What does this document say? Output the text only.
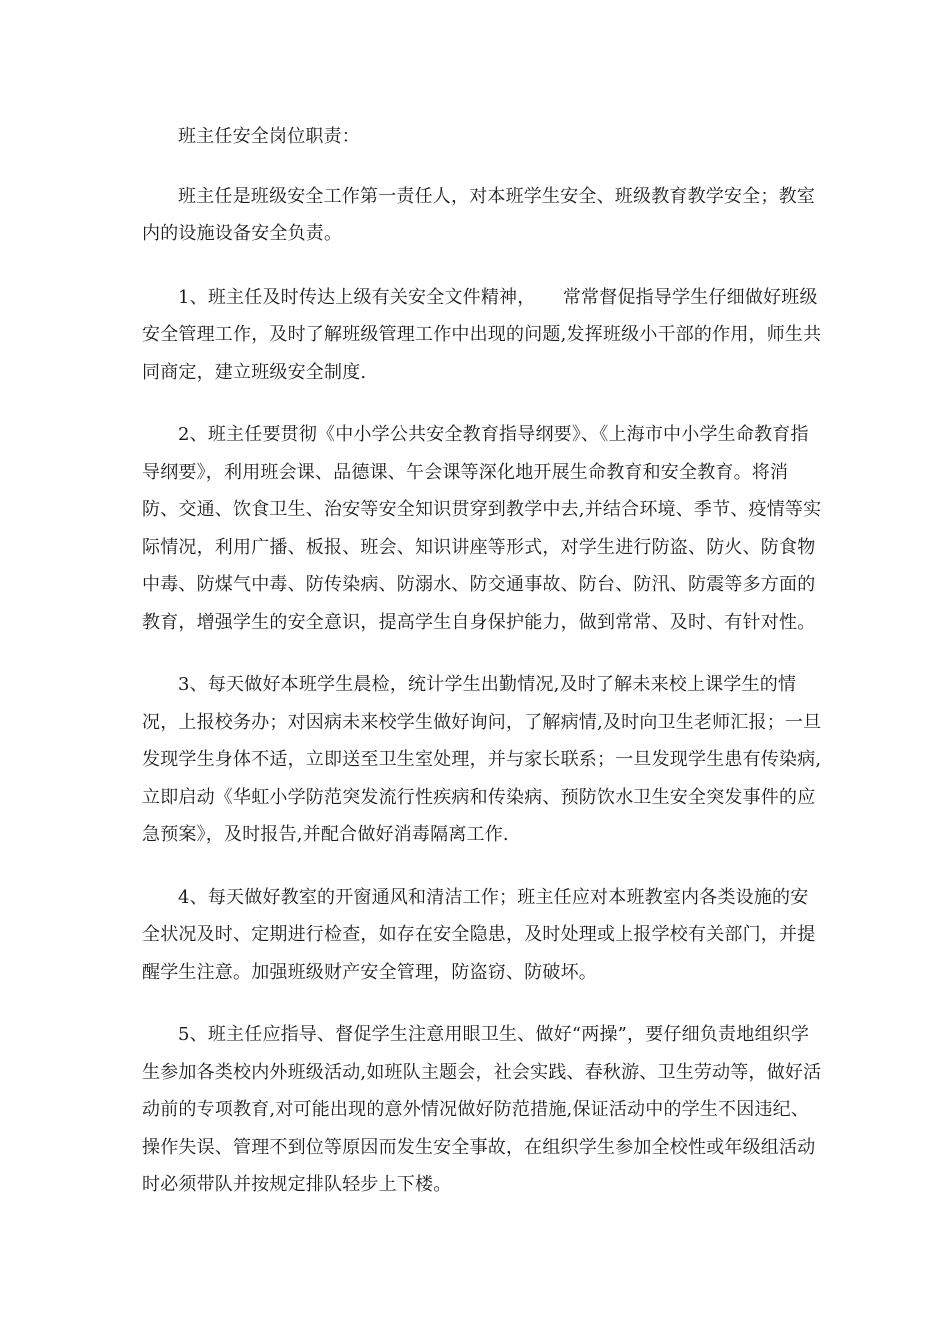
班主任安全岗位职责：

班主任是班级安全工作第一责任人，对本班学生安全、班级教育教学安全；教室内的设施设备安全负责。

1、班主任及时传达上级有关安全文件精神，　　常常督促指导学生仔细做好班级安全管理工作，及时了解班级管理工作中出现的问题,发挥班级小干部的作用，师生共同商定，建立班级安全制度.

2、班主任要贯彻《中小学公共安全教育指导纲要》、《上海市中小学生命教育指导纲要》，利用班会课、品德课、午会课等深化地开展生命教育和安全教育。将消防、交通、饮食卫生、治安等安全知识贯穿到教学中去,并结合环境、季节、疫情等实际情况，利用广播、板报、班会、知识讲座等形式，对学生进行防盗、防火、防食物中毒、防煤气中毒、防传染病、防溺水、防交通事故、防台、防汛、防震等多方面的教育，增强学生的安全意识，提高学生自身保护能力，做到常常、及时、有针对性。

3、每天做好本班学生晨检，统计学生出勤情况,及时了解未来校上课学生的情况，上报校务办；对因病未来校学生做好询问，了解病情,及时向卫生老师汇报；一旦发现学生身体不适，立即送至卫生室处理，并与家长联系；一旦发现学生患有传染病,立即启动《华虹小学防范突发流行性疾病和传染病、预防饮水卫生安全突发事件的应急预案》，及时报告,并配合做好消毒隔离工作.

4、每天做好教室的开窗通风和清洁工作；班主任应对本班教室内各类设施的安全状况及时、定期进行检查，如存在安全隐患，及时处理或上报学校有关部门，并提醒学生注意。加强班级财产安全管理，防盗窃、防破坏。

5、班主任应指导、督促学生注意用眼卫生、做好“两操”，要仔细负责地组织学生参加各类校内外班级活动,如班队主题会，社会实践、春秋游、卫生劳动等，做好活动前的专项教育,对可能出现的意外情况做好防范措施,保证活动中的学生不因违纪、操作失误、管理不到位等原因而发生安全事故，在组织学生参加全校性或年级组活动时必须带队并按规定排队轻步上下楼。
